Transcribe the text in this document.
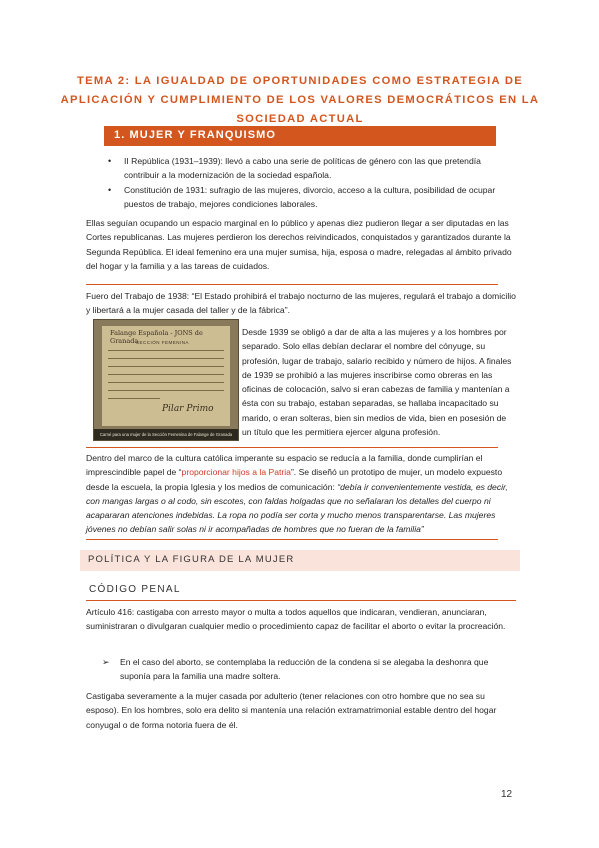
TEMA 2: LA IGUALDAD DE OPORTUNIDADES COMO ESTRATEGIA DE APLICACIÓN Y CUMPLIMIENTO DE LOS VALORES DEMOCRÁTICOS EN LA SOCIEDAD ACTUAL
1. MUJER Y FRANQUISMO
• II República (1931–1939): llevó a cabo una serie de políticas de género con las que pretendía contribuir a la modernización de la sociedad española.
• Constitución de 1931: sufragio de las mujeres, divorcio, acceso a la cultura, posibilidad de ocupar puestos de trabajo, mejores condiciones laborales.
Ellas seguían ocupando un espacio marginal en lo público y apenas diez pudieron llegar a ser diputadas en las Cortes republicanas. Las mujeres perdieron los derechos reivindicados, conquistados y garantizados durante la Segunda República. El ideal femenino era una mujer sumisa, hija, esposa o madre, relegadas al ámbito privado del hogar y la familia y a las tareas de cuidados.
Fuero del Trabajo de 1938: “El Estado prohibirá el trabajo nocturno de las mujeres, regulará el trabajo a domicilio y libertará a la mujer casada del taller y de la fábrica”.
Falange Española - JONS de Granada
SECCIÓN FEMENINA
Pilar Primo
Carné para una mujer de la Sección Femenina de Falange de Granada
Desde 1939 se obligó a dar de alta a las mujeres y a los hombres por separado. Solo ellas debían declarar el nombre del cónyuge, su profesión, lugar de trabajo, salario recibido y número de hijos. A finales de 1939 se prohibió a las mujeres inscribirse como obreras en las oficinas de colocación, salvo si eran cabezas de familia y mantenían a ésta con su trabajo, estaban separadas, se hallaba incapacitado su marido, o eran solteras, bien sin medios de vida, bien en posesión de un título que les permitiera ejercer alguna profesión.
Dentro del marco de la cultura católica imperante su espacio se reducía a la familia, donde cumplirían el imprescindible papel de “proporcionar hijos a la Patria”. Se diseñó un prototipo de mujer, un modelo expuesto desde la escuela, la propia Iglesia y los medios de comunicación: “debía ir convenientemente vestida, es decir, con mangas largas o al codo, sin escotes, con faldas holgadas que no señalaran los detalles del cuerpo ni acapararan atenciones indebidas. La ropa no podía ser corta y mucho menos transparentarse. Las mujeres jóvenes no debían salir solas ni ir acompañadas de hombres que no fueran de la familia”
POLÍTICA Y LA FIGURA DE LA MUJER
CÓDIGO PENAL
Artículo 416: castigaba con arresto mayor o multa a todos aquellos que indicaran, vendieran, anunciaran, suministraran o divulgaran cualquier medio o procedimiento capaz de facilitar el aborto o evitar la procreación.
➢ En el caso del aborto, se contemplaba la reducción de la condena si se alegaba la deshonra que suponía para la familia una madre soltera.
Castigaba severamente a la mujer casada por adulterio (tener relaciones con otro hombre que no sea su esposo). En los hombres, solo era delito si mantenía una relación extramatrimonial estable dentro del hogar conyugal o de forma notoria fuera de él.
12
